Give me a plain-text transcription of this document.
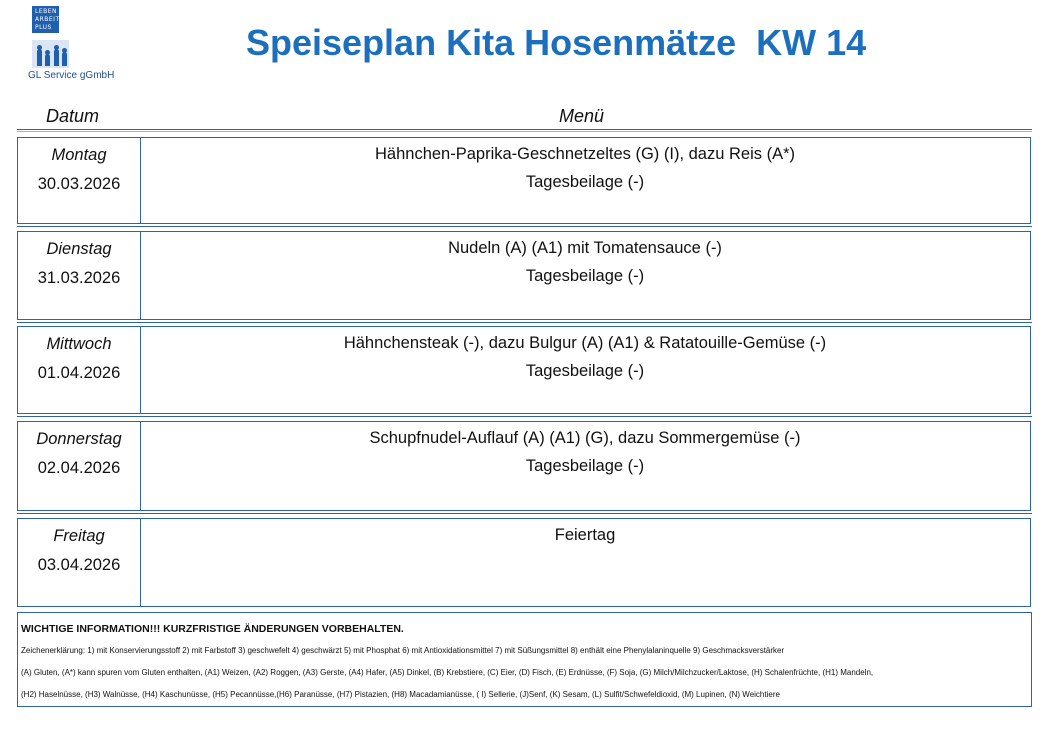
LEBEN
ARBEIT
PLUS
GL Service gGmbH
Speiseplan Kita Hosenmätze  KW 14
Datum	Menü
Montag
30.03.2026
Hähnchen-Paprika-Geschnetzeltes (G) (I), dazu Reis (A*)
Tagesbeilage (-)
Dienstag
31.03.2026
Nudeln (A) (A1) mit Tomatensauce (-)
Tagesbeilage (-)
Mittwoch
01.04.2026
Hähnchensteak (-), dazu Bulgur (A) (A1) & Ratatouille-Gemüse (-)
Tagesbeilage (-)
Donnerstag
02.04.2026
Schupfnudel-Auflauf (A) (A1) (G), dazu Sommergemüse (-)
Tagesbeilage (-)
Freitag
03.04.2026
Feiertag
WICHTIGE INFORMATION!!! KURZFRISTIGE ÄNDERUNGEN VORBEHALTEN.
Zeichenerklärung: 1) mit Konservierungsstoff 2) mit Farbstoff 3) geschwefelt 4) geschwärzt 5) mit Phosphat 6) mit Antioxidationsmittel 7) mit Süßungsmittel 8) enthält eine Phenylalaninquelle 9) Geschmacksverstärker
(A) Gluten, (A*) kann spuren vom Gluten enthalten, (A1) Weizen, (A2) Roggen, (A3) Gerste, (A4) Hafer, (A5) Dinkel, (B) Krebstiere, (C) Eier, (D) Fisch, (E) Erdnüsse, (F) Soja, (G) Milch/Milchzucker/Laktose, (H) Schalenfrüchte, (H1) Mandeln,
(H2) Haselnüsse, (H3) Walnüsse, (H4) Kaschunüsse, (H5) Pecannüsse,(H6) Paranüsse, (H7) Pistazien, (H8) Macadamianüsse, ( I) Sellerie, (J)Senf, (K) Sesam, (L) Sulfit/Schwefeldioxid, (M) Lupinen, (N) Weichtiere
